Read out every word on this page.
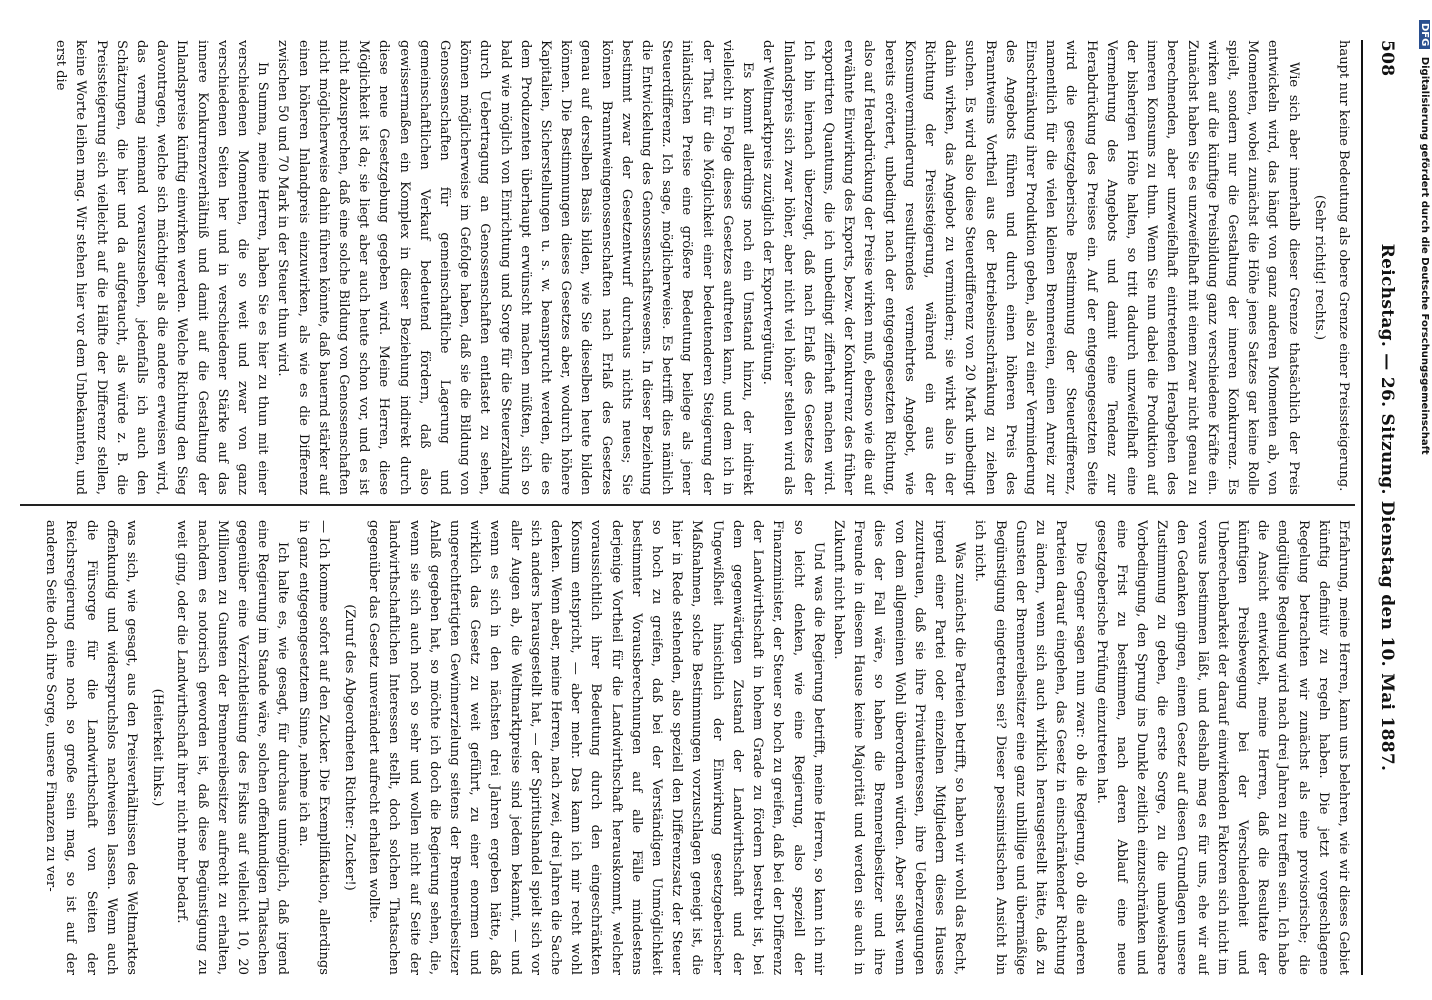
508
Reichstag. — 26. Sitzung. Dienstag den 10. Mai 1887.

haupt nur keine Bedeutung als obere Grenze einer Preissteigerung.

(Sehr richtig! rechts.)

Wie sich aber innerhalb dieser Grenze thatsächlich der Preis entwickeln wird, das hängt von ganz anderen Momenten ab, von Momenten, wobei zunächst die Höhe jenes Satzes gar keine Rolle spielt, sondern nur die Gestaltung der inneren Konkurrenz. Es wirken auf die künftige Preisbildung ganz verschiedene Kräfte ein. Zunächst haben Sie es unzweifelhaft mit einem zwar nicht genau zu berechnenden, aber unzweifelhaft eintretenden Herabgehen des inneren Konsums zu thun. Wenn Sie nun dabei die Produktion auf der bisherigen Höhe halten, so tritt dadurch unzweifelhaft eine Vermehrung des Angebots und damit eine Tendenz zur Herabdrückung des Preises ein. Auf der entgegengesetzten Seite wird die gesetzgeberische Bestimmung der Steuerdifferenz, namentlich für die vielen kleinen Brennereien, einen Anreiz zur Einschränkung ihrer Produktion geben, also zu einer Verminderung des Angebots führen und durch einen höheren Preis des Branntweins Vortheil aus der Betriebseinschränkung zu ziehen suchen. Es wird also diese Steuerdifferenz von 20 Mark unbedingt dahin wirken, das Angebot zu vermindern; sie wirkt also in der Richtung der Preissteigerung, während ein aus der Konsumverminderung resultirendes vermehrtes Angebot, wie bereits erörtert, unbedingt nach der entgegengesetzten Richtung, also auf Herabdrückung der Preise wirken muß, ebenso wie die auf erwähnte Einwirkung des Exports, bezw. der Konkurrenz des früher exportirten Quantums, die ich unbedingt zifferhaft machen wird. Ich bin hiernach überzeugt, daß nach Erlaß des Gesetzes der Inlandspreis sich zwar höher, aber nicht viel höher stellen wird als der Weltmarktpreis zuzüglich der Exportvergütung.

Es kommt allerdings noch ein Umstand hinzu, der indirekt vielleicht in Folge dieses Gesetzes auftreten kann, und dem ich in der That für die Möglichkeit einer bedeutenderen Steigerung der inländischen Preise eine größere Bedeutung beilege als jener Steuerdifferenz. Ich sage, möglicherweise. Es betrifft dies nämlich die Entwickelung des Genossenschaftswesens. In dieser Beziehung bestimmt zwar der Gesetzentwurf durchaus nichts neues; Sie können Branntweingenossenschaften nach Erlaß des Gesetzes genau auf derselben Basis bilden, wie Sie dieselben heute bilden können. Die Bestimmungen dieses Gesetzes aber, wodurch höhere Kapitalien, Sicherstellungen u. s. w. beansprucht werden, die es dem Produzenten überhaupt erwünscht machen müßten, sich so bald wie möglich von Einrichtung und Sorge für die Steuerzahlung durch Uebertragung an Genossenschaften entlastet zu sehen, können möglicherweise im Gefolge haben, daß sie die Bildung von Genossenschaften für gemeinschaftliche Lagerung und gemeinschaftlichen Verkauf bedeutend fördern, daß also gewissermaßen ein Komplex in dieser Beziehung indirekt durch diese neue Gesetzgebung gegeben wird. Meine Herren, diese Möglichkeit ist da; sie liegt aber auch heute schon vor, und es ist nicht abzusprechen, daß eine solche Bildung von Genossenschaften nicht möglicherweise dahin führen könnte, daß bauernd stärker auf einen höheren Inlandpreis einzuwirken, als wie es die Differenz zwischen 50 und 70 Mark in der Steuer thun wird.

In Summa, meine Herren, haben Sie es hier zu thun mit einer verschiedenen Momenten, die so weit und zwar von ganz verschiedenen Seiten her und in verschiedener Stärke auf das innere Konkurrenzverhältniß und damit auf die Gestaltung der Inlandspreise künftig einwirken werden. Welche Richtung den Sieg davontragen, welche sich mächtiger als die andere erweisen wird, das vermag niemand vorauszusehen, jedenfalls ich auch den Schätzungen, die hier und da aufgetaucht, als würde z. B. die Preissteigerung sich vielleicht auf die Hälfte der Differenz stellen, keine Worte leihen mag. Wir stehen hier vor dem Unbekannten, und erst die

Erfahrung, meine Herren, kann uns belehren, wie wir dieses Gebiet künftig definitiv zu regeln haben. Die jetzt vorgeschlagene Regelung betrachten wir zunächst als eine provisorische; die endgültige Regelung wird nach drei Jahren zu treffen sein. Ich habe die Ansicht entwickelt, meine Herren, daß die Resultate der künftigen Preisbewegung bei der Verschiedenheit und Unberechenbarkeit der darauf einwirkenden Faktoren sich nicht im voraus bestimmen läßt, und deshalb mag es für uns, ehe wir auf den Gedanken gingen, einem Gesetz auf diesen Grundlagen unsere Zustimmung zu geben, die erste Sorge, zu die unabweisbare Vorbedingung, den Sprung ins Dunkle zeitlich einzuschränken und eine Frist zu bestimmen, nach deren Ablauf eine neue gesetzgeberische Prüfung einzutreten hat.

Die Gegner sagen nun zwar: ob die Regierung, ob die anderen Parteien darauf eingehen, das Gesetz in einschränkender Richtung zu ändern, wenn sich auch wirklich herausgestellt hätte, daß zu Gunsten der Brennereibesitzer eine ganz unbillige und übermäßige Begünstigung eingetreten sei? Dieser pessimistischen Ansicht bin ich nicht.

Was zunächst die Parteien betrifft, so haben wir wohl das Recht, irgend einer Partei oder einzelnen Mitgliedern dieses Hauses zuzutrauen, daß sie ihre Privatinteressen, ihre Ueberzeugungen von dem allgemeinen Wohl überordnen würden. Aber selbst wenn dies der Fall wäre, so haben die Brennereibesitzer und ihre Freunde in diesem Hause keine Majorität und werden sie auch in Zukunft nicht haben.

Und was die Regierung betrifft, meine Herren, so kann ich mir so leicht denken, wie eine Regierung, also speziell der Finanzminister, der Steuer so hoch zu greifen, daß bei der Differenz der Landwirthschaft in hohem Grade zu fördern bestrebt ist, bei dem gegenwärtigen Zustand der Landwirthschaft und der Ungewißheit hinsichtlich der Einwirkung gesetzgeberischer Maßnahmen, solche Bestimmungen vorzuschlagen geneigt ist, die hier in Rede stehenden, also speziell den Differenzsatz der Steuer so hoch zu greifen, daß bei der Verständigen Unmöglichkeit bestimmter Vorausberechnungen auf alle Fälle mindestens derjenige Vortheil für die Landwirthschaft herauskommt, welcher voraussichtlich ihrer Bedeutung durch den eingeschränkten Konsum entspricht, — aber mehr. Das kann ich mir recht wohl denken. Wenn aber, meine Herren, nach zwei, drei Jahren die Sache sich anders herausgestellt hat, — der Spiritushandel spielt sich vor aller Augen ab, die Weltmarktpreise sind jedem bekannt, — und wenn es sich in den nächsten drei Jahren ergeben hätte, daß wirklich das Gesetz zu weit geführt, zu einer enormen und ungerechtfertigten Gewinnerzielung seitens der Brennereibesitzer Anlaß gegeben hat, so möchte ich doch die Regierung sehen, die, wenn sie sich auch noch so sehr und wollen nicht auf Seite der landwirthschaftlichen Interessen stellt, doch solchen Thatsachen gegenüber das Gesetz unverändert aufrecht erhalten wollte.

(Zuruf des Abgeordneten Richter: Zucker!)

— Ich komme sofort auf den Zucker. Die Exemplifikation, allerdings in ganz entgegengesetztem Sinne, nehme ich an.

Ich halte es, wie gesagt, für durchaus unmöglich, daß irgend eine Regierung im Stande wäre, solchen offenkundigen Thatsachen gegenüber eine Verzichtleistung des Fiskus auf vielleicht 10, 20 Millionen zu Gunsten der Brennereibesitzer aufrecht zu erhalten, nachdem es notorisch geworden ist, daß diese Begünstigung zu weit ging, oder die Landwirthschaft ihrer nicht mehr bedarf.

(Heiterkeit links.)

was sich, wie gesagt, aus den Preisverhältnissen des Weltmarktes offenkundig und widerspruchslos nachweisen lassen. Wenn auch die Fürsorge für die Landwirthschaft von Seiten der Reichsregierung eine noch so große sein mag, so ist auf der anderen Seite doch ihre Sorge, unsere Finanzen zu ver-

DFG Digitalisierung gefördert durch die Deutsche Forschungsgemeinschaft
